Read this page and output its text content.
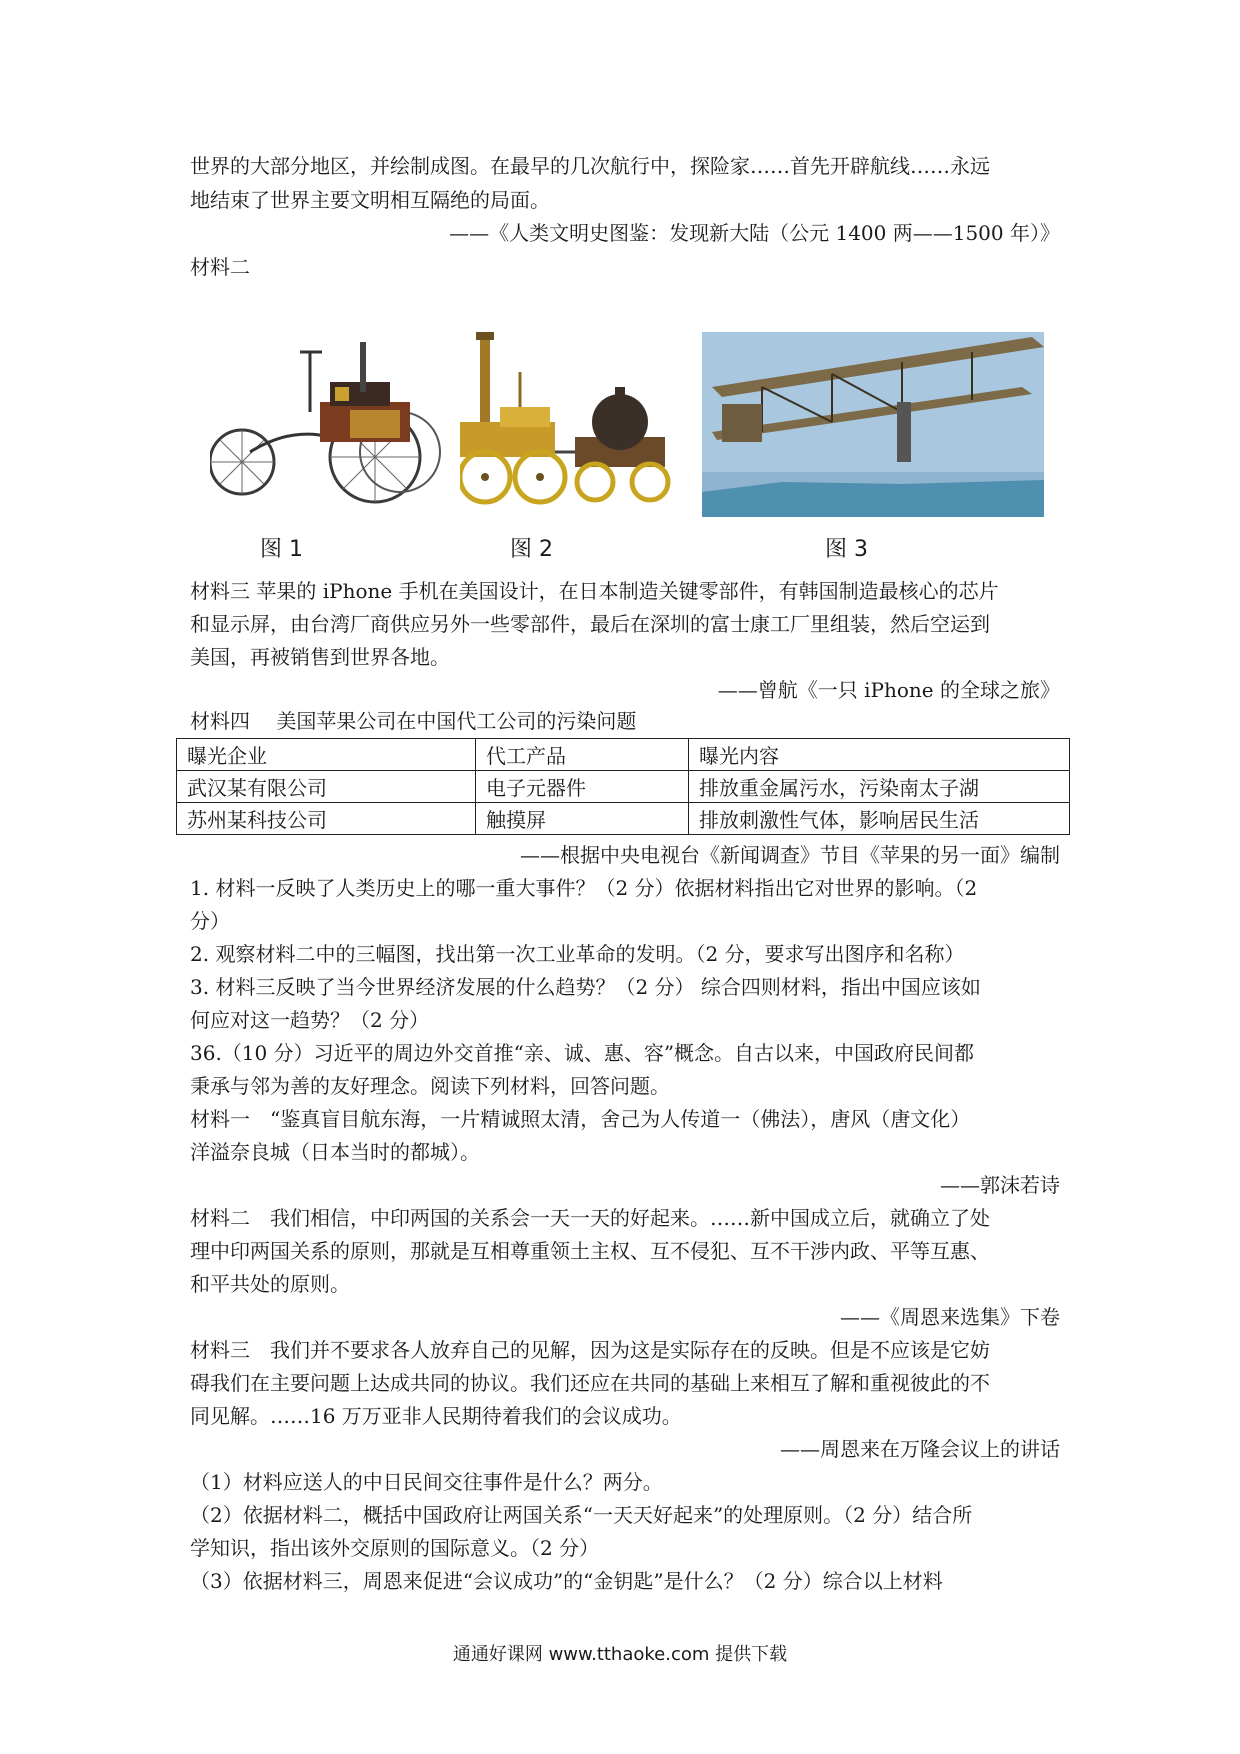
世界的大部分地区，并绘制成图。在最早的几次航行中，探险家……首先开辟航线……永远
地结束了世界主要文明相互隔绝的局面。
——《人类文明史图鉴：发现新大陆（公元 1400 两——1500 年）》
材料二
图 1	图 2	图 3
材料三 苹果的 iPhone 手机在美国设计，在日本制造关键零部件，有韩国制造最核心的芯片
和显示屏，由台湾厂商供应另外一些零部件，最后在深圳的富士康工厂里组装，然后空运到
美国，再被销售到世界各地。
——曾航《一只 iPhone 的全球之旅》
材料四　 美国苹果公司在中国代工公司的污染问题
曝光企业	代工产品	曝光内容
武汉某有限公司	电子元器件	排放重金属污水，污染南太子湖
苏州某科技公司	触摸屏	排放刺激性气体，影响居民生活
——根据中央电视台《新闻调查》节目《苹果的另一面》编制
1. 材料一反映了人类历史上的哪一重大事件？（2 分）依据材料指出它对世界的影响。（2
分）
2. 观察材料二中的三幅图，找出第一次工业革命的发明。（2 分，要求写出图序和名称）
3. 材料三反映了当今世界经济发展的什么趋势？（2 分） 综合四则材料，指出中国应该如
何应对这一趋势？（2 分）
36.（10 分）习近平的周边外交首推“亲、诚、惠、容”概念。自古以来，中国政府民间都
秉承与邻为善的友好理念。阅读下列材料，回答问题。
材料一　“鉴真盲目航东海，一片精诚照太清，舍己为人传道一（佛法），唐风（唐文化）
洋溢奈良城（日本当时的都城）。
——郭沫若诗
材料二　我们相信，中印两国的关系会一天一天的好起来。……新中国成立后，就确立了处
理中印两国关系的原则，那就是互相尊重领土主权、互不侵犯、互不干涉内政、平等互惠、
和平共处的原则。
——《周恩来选集》下卷
材料三　我们并不要求各人放弃自己的见解，因为这是实际存在的反映。但是不应该是它妨
碍我们在主要问题上达成共同的协议。我们还应在共同的基础上来相互了解和重视彼此的不
同见解。……16 万万亚非人民期待着我们的会议成功。
——周恩来在万隆会议上的讲话
（1）材料应送人的中日民间交往事件是什么？两分。
（2）依据材料二，概括中国政府让两国关系“一天天好起来”的处理原则。（2 分）结合所
学知识，指出该外交原则的国际意义。（2 分）
（3）依据材料三，周恩来促进“会议成功”的“金钥匙”是什么？（2 分）综合以上材料
通通好课网 www.tthaoke.com 提供下载
